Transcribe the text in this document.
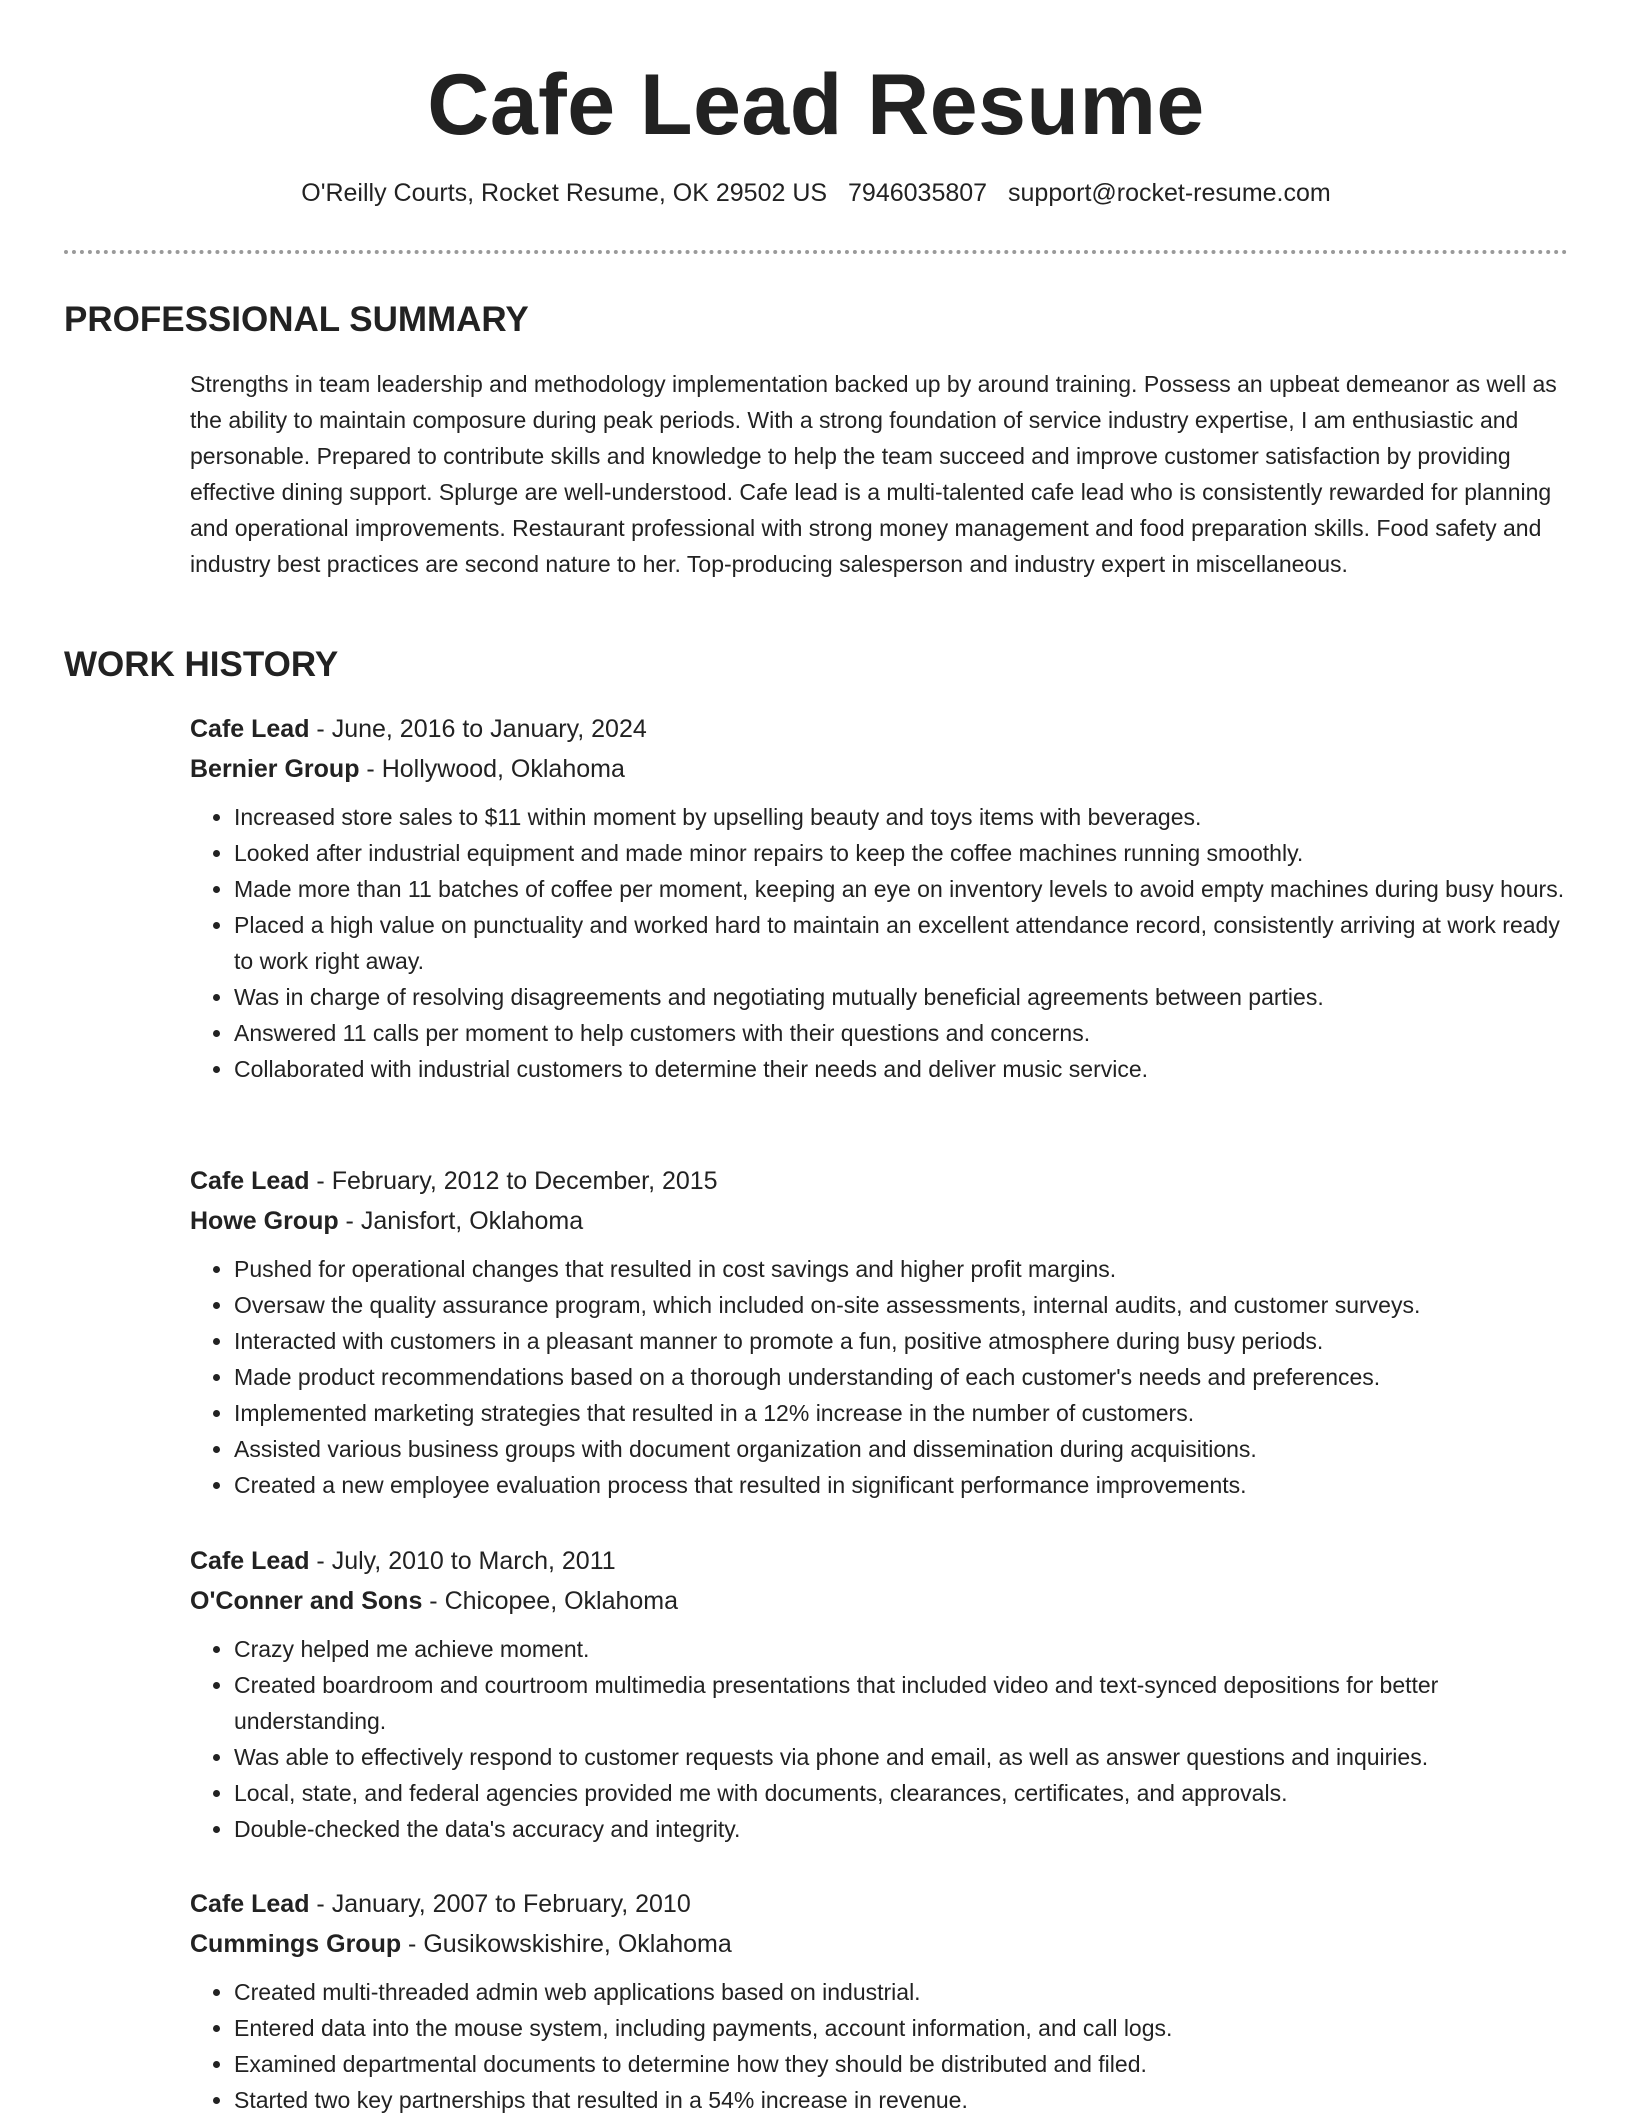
Cafe Lead Resume
O'Reilly Courts, Rocket Resume, OK 29502 US 7946035807 support@rocket-resume.com
PROFESSIONAL SUMMARY

Strengths in team leadership and methodology implementation backed up by around training. Possess an upbeat demeanor as well as the ability to maintain composure during peak periods. With a strong foundation of service industry expertise, I am enthusiastic and personable. Prepared to contribute skills and knowledge to help the team succeed and improve customer satisfaction by providing effective dining support. Splurge are well-understood. Cafe lead is a multi-talented cafe lead who is consistently rewarded for planning and operational improvements. Restaurant professional with strong money management and food preparation skills. Food safety and industry best practices are second nature to her. Top-producing salesperson and industry expert in miscellaneous.

WORK HISTORY

Cafe Lead - June, 2016 to January, 2024

Bernier Group - Hollywood, Oklahoma

• Increased store sales to $11 within moment by upselling beauty and toys items with beverages.
• Looked after industrial equipment and made minor repairs to keep the coffee machines running smoothly.
• Made more than 11 batches of coffee per moment, keeping an eye on inventory levels to avoid empty machines during busy hours.
• Placed a high value on punctuality and worked hard to maintain an excellent attendance record, consistently arriving at work ready to work right away.
• Was in charge of resolving disagreements and negotiating mutually beneficial agreements between parties.
• Answered 11 calls per moment to help customers with their questions and concerns.
• Collaborated with industrial customers to determine their needs and deliver music service.

Cafe Lead - February, 2012 to December, 2015

Howe Group - Janisfort, Oklahoma

• Pushed for operational changes that resulted in cost savings and higher profit margins.
• Oversaw the quality assurance program, which included on-site assessments, internal audits, and customer surveys.
• Interacted with customers in a pleasant manner to promote a fun, positive atmosphere during busy periods.
• Made product recommendations based on a thorough understanding of each customer's needs and preferences.
• Implemented marketing strategies that resulted in a 12% increase in the number of customers.
• Assisted various business groups with document organization and dissemination during acquisitions.
• Created a new employee evaluation process that resulted in significant performance improvements.

Cafe Lead - July, 2010 to March, 2011

O'Conner and Sons - Chicopee, Oklahoma

• Crazy helped me achieve moment.
• Created boardroom and courtroom multimedia presentations that included video and text-synced depositions for better understanding.
• Was able to effectively respond to customer requests via phone and email, as well as answer questions and inquiries.
• Local, state, and federal agencies provided me with documents, clearances, certificates, and approvals.
• Double-checked the data's accuracy and integrity.

Cafe Lead - January, 2007 to February, 2010

Cummings Group - Gusikowskishire, Oklahoma

• Created multi-threaded admin web applications based on industrial.
• Entered data into the mouse system, including payments, account information, and call logs.
• Examined departmental documents to determine how they should be distributed and filed.
• Started two key partnerships that resulted in a 54% increase in revenue.
